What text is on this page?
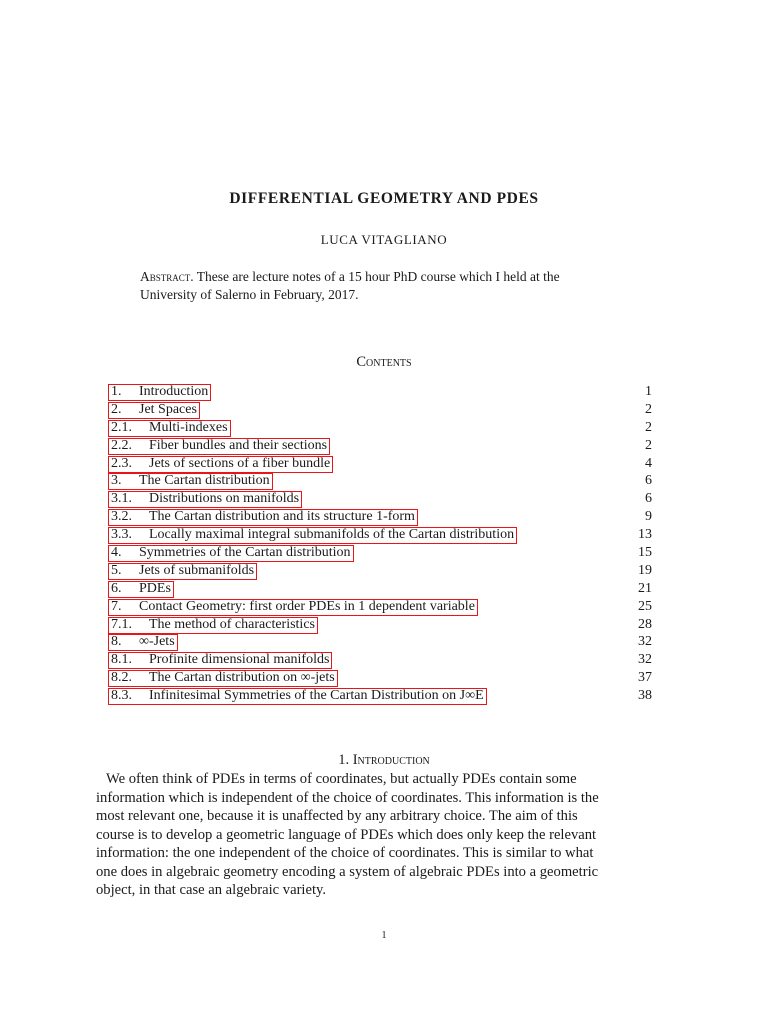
DIFFERENTIAL GEOMETRY AND PDES
LUCA VITAGLIANO
Abstract. These are lecture notes of a 15 hour PhD course which I held at the
University of Salerno in February, 2017.
Contents
1. Introduction	1
2. Jet Spaces	2
2.1. Multi-indexes	2
2.2. Fiber bundles and their sections	2
2.3. Jets of sections of a fiber bundle	4
3. The Cartan distribution	6
3.1. Distributions on manifolds	6
3.2. The Cartan distribution and its structure 1-form	9
3.3. Locally maximal integral submanifolds of the Cartan distribution	13
4. Symmetries of the Cartan distribution	15
5. Jets of submanifolds	19
6. PDEs	21
7. Contact Geometry: first order PDEs in 1 dependent variable	25
7.1. The method of characteristics	28
8. ∞-Jets	32
8.1. Profinite dimensional manifolds	32
8.2. The Cartan distribution on ∞-jets	37
8.3. Infinitesimal Symmetries of the Cartan Distribution on J∞E	38
1. Introduction
We often think of PDEs in terms of coordinates, but actually PDEs contain some
information which is independent of the choice of coordinates. This information is the
most relevant one, because it is unaffected by any arbitrary choice. The aim of this
course is to develop a geometric language of PDEs which does only keep the relevant
information: the one independent of the choice of coordinates. This is similar to what
one does in algebraic geometry encoding a system of algebraic PDEs into a geometric
object, in that case an algebraic variety.
1
